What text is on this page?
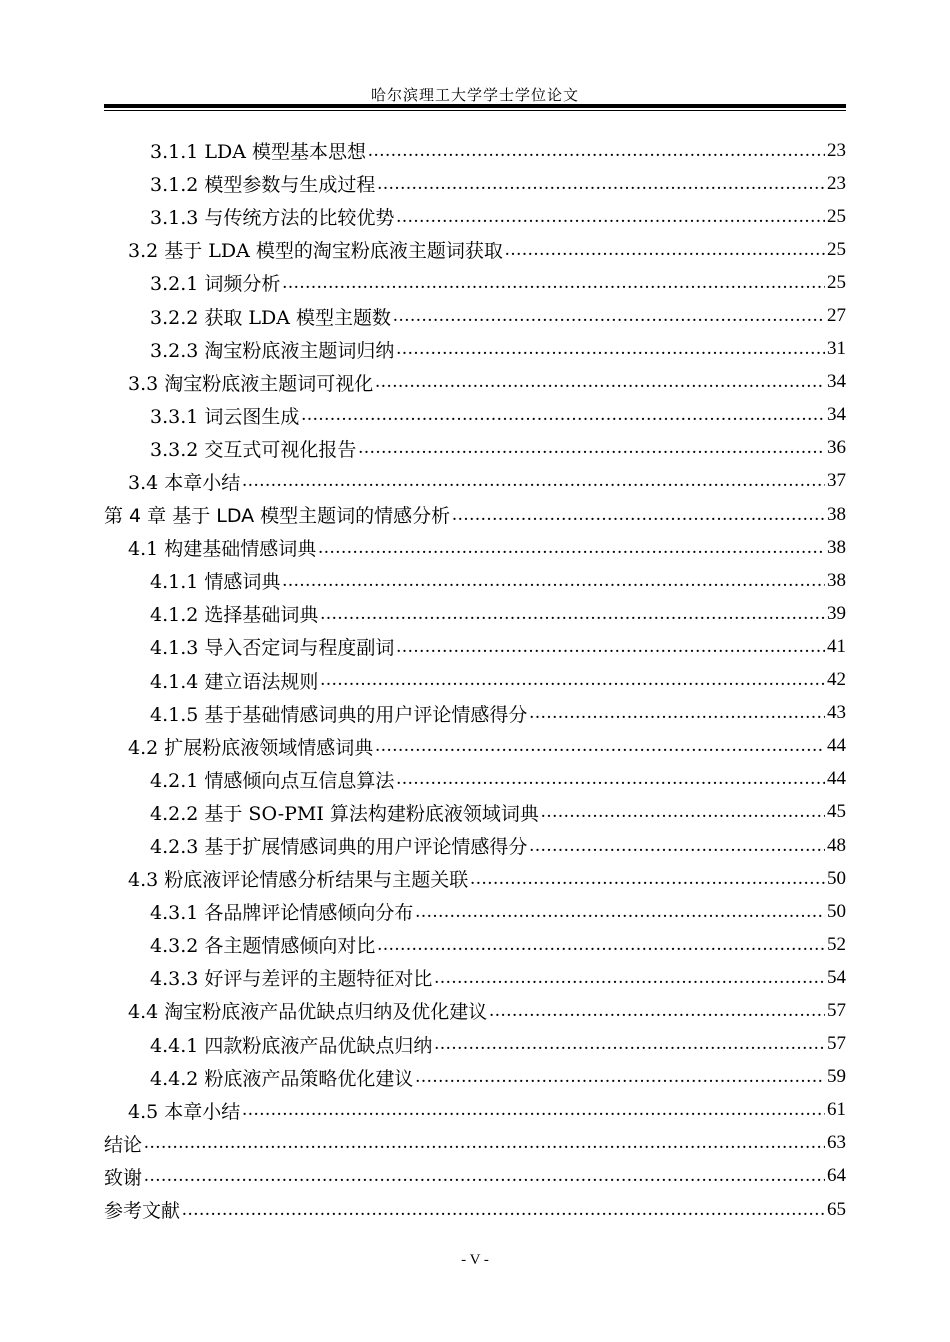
哈尔滨理工大学学士学位论文
3.1.1 LDA 模型基本思想 .....	23
3.1.2 模型参数与生成过程 .....	23
3.1.3 与传统方法的比较优势 .....	25
3.2 基于 LDA 模型的淘宝粉底液主题词获取 .....	25
3.2.1 词频分析 .....	25
3.2.2 获取 LDA 模型主题数 .....	27
3.2.3 淘宝粉底液主题词归纳 .....	31
3.3 淘宝粉底液主题词可视化 .....	34
3.3.1 词云图生成 .....	34
3.3.2 交互式可视化报告 .....	36
3.4 本章小结 .....	37
第 4 章 基于 LDA 模型主题词的情感分析 .....	38
4.1 构建基础情感词典 .....	38
4.1.1 情感词典 .....	38
4.1.2 选择基础词典 .....	39
4.1.3 导入否定词与程度副词 .....	41
4.1.4 建立语法规则 .....	42
4.1.5 基于基础情感词典的用户评论情感得分 .....	43
4.2 扩展粉底液领域情感词典 .....	44
4.2.1 情感倾向点互信息算法 .....	44
4.2.2 基于 SO-PMI 算法构建粉底液领域词典 .....	45
4.2.3 基于扩展情感词典的用户评论情感得分 .....	48
4.3 粉底液评论情感分析结果与主题关联 .....	50
4.3.1 各品牌评论情感倾向分布 .....	50
4.3.2 各主题情感倾向对比 .....	52
4.3.3 好评与差评的主题特征对比 .....	54
4.4 淘宝粉底液产品优缺点归纳及优化建议 .....	57
4.4.1 四款粉底液产品优缺点归纳 .....	57
4.4.2 粉底液产品策略优化建议 .....	59
4.5 本章小结 .....	61
结论 .....	63
致谢 .....	64
参考文献 .....	65
- V -
